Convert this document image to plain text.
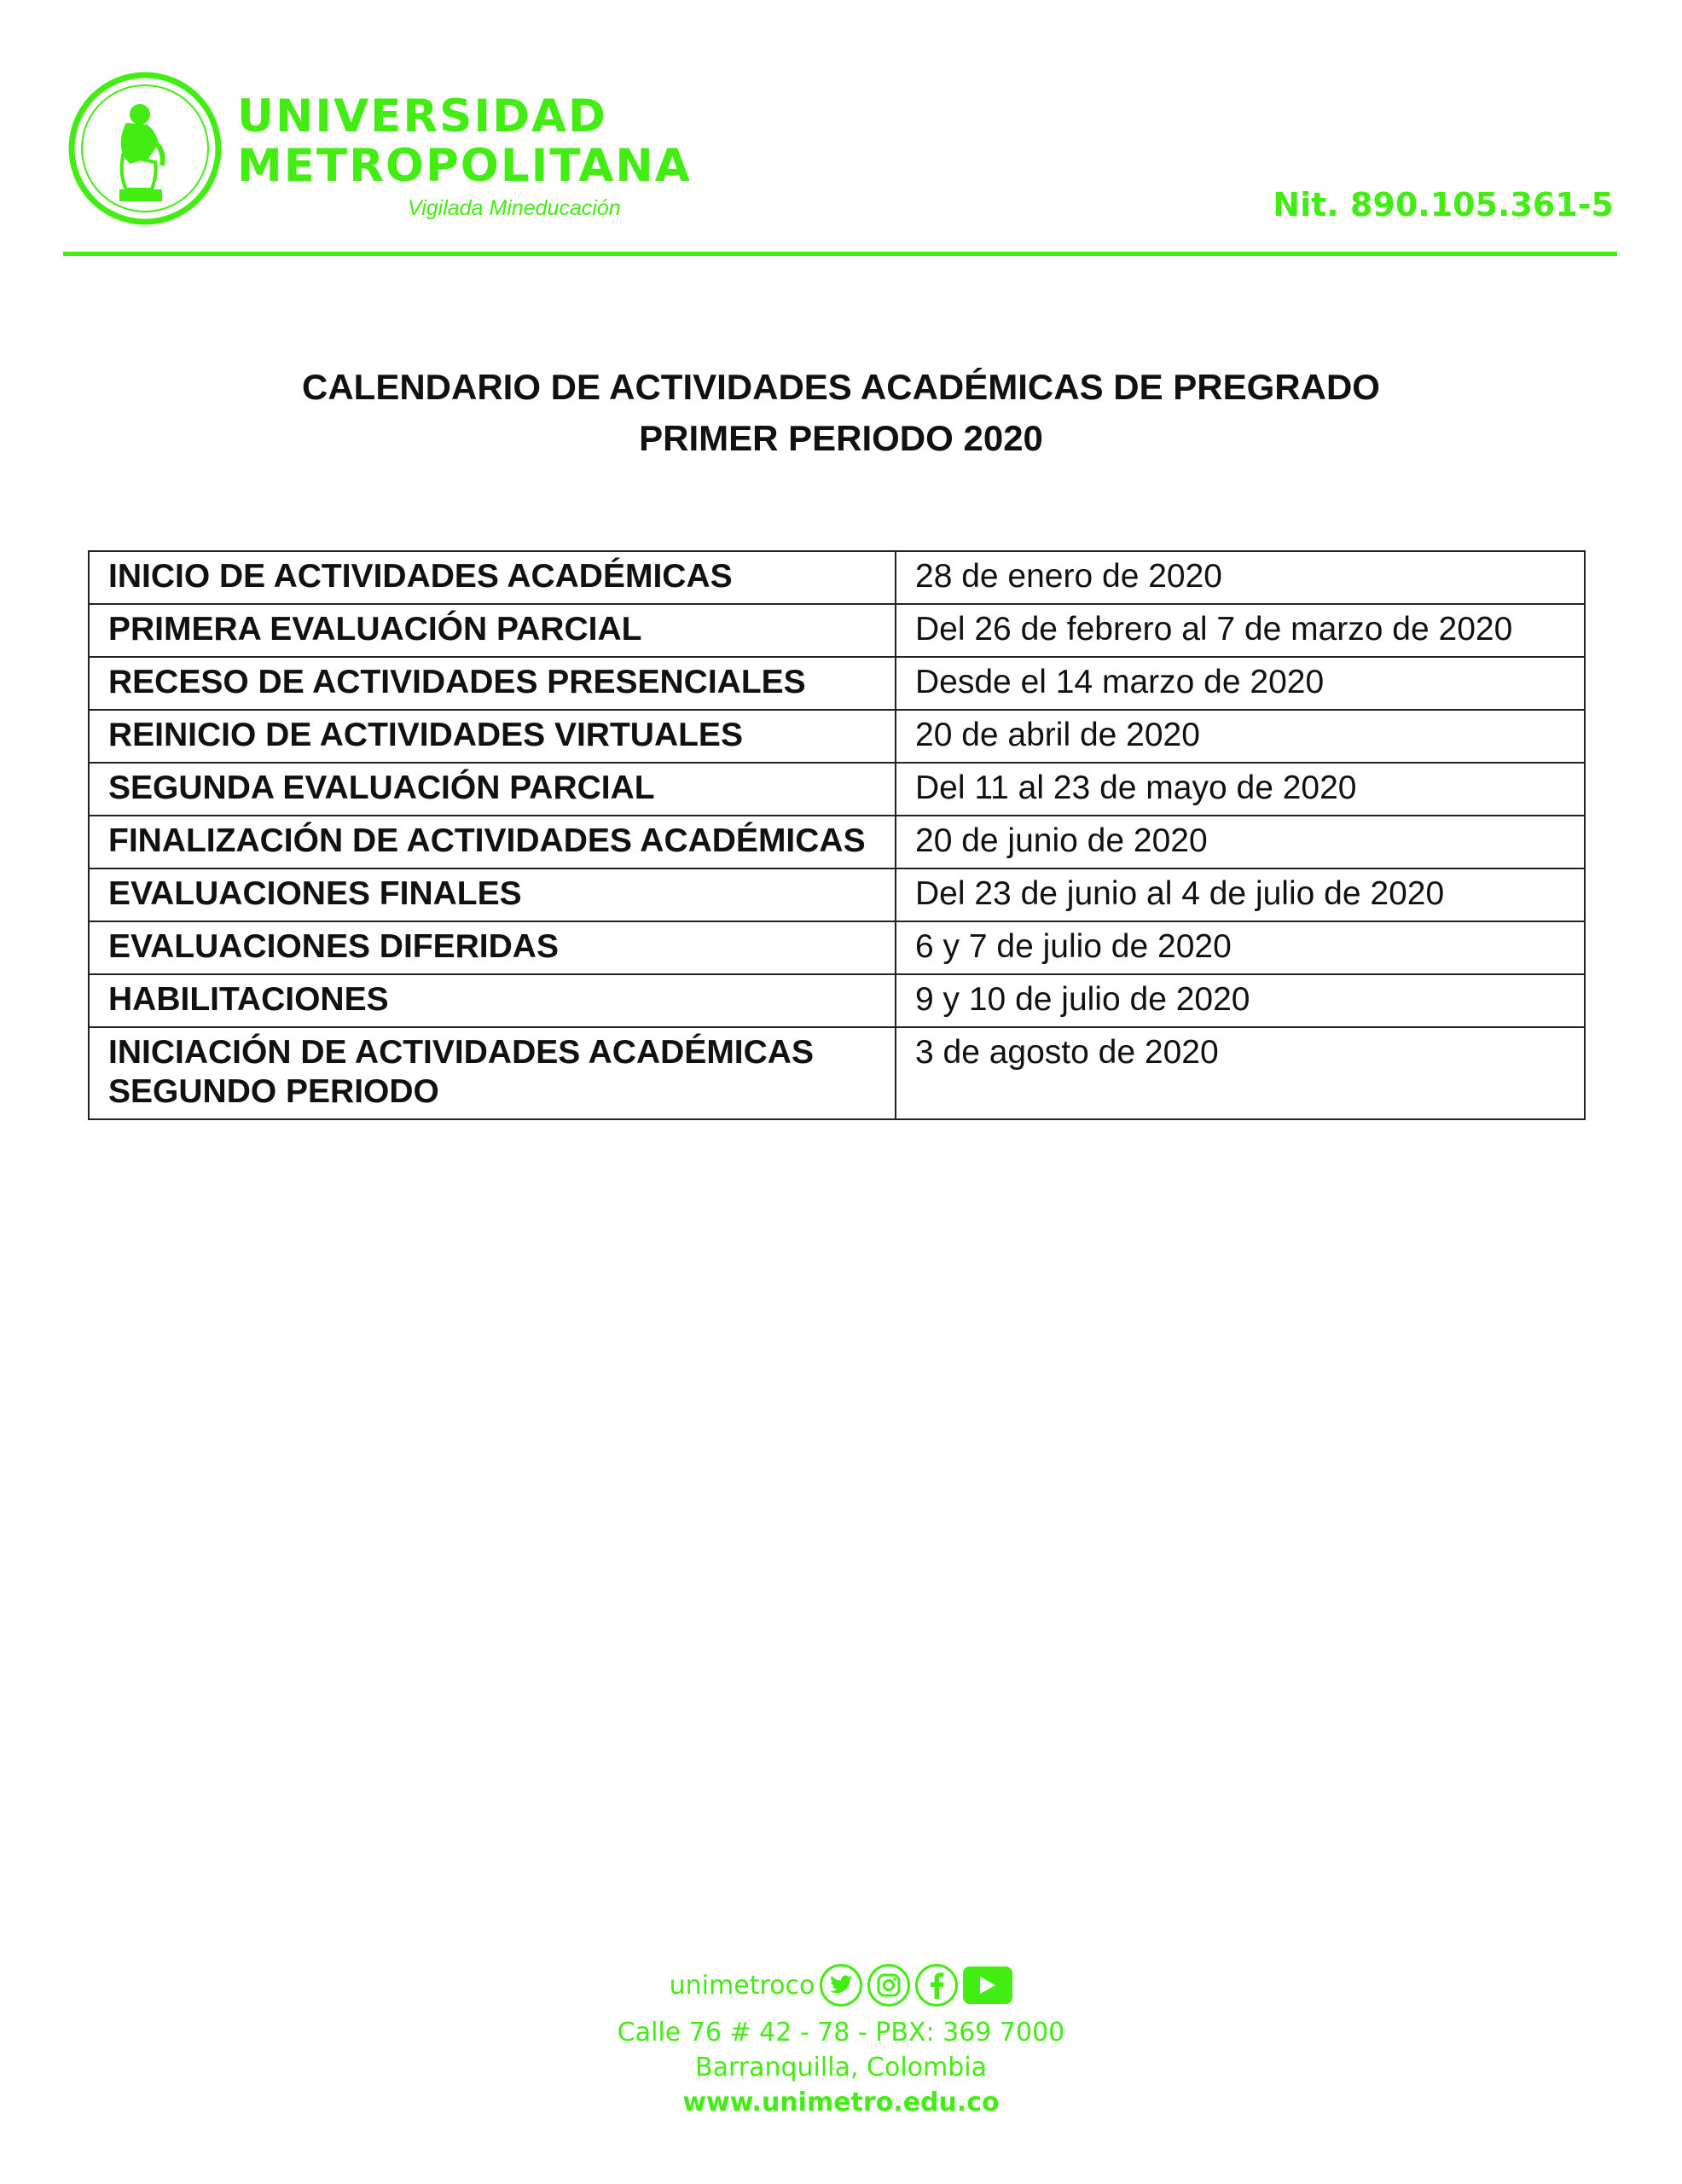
UNIVERSIDAD
METROPOLITANA
Vigilada Mineducación	Nit. 890.105.361-5
CALENDARIO DE ACTIVIDADES ACADÉMICAS DE PREGRADO
PRIMER PERIODO 2020
INICIO DE ACTIVIDADES ACADÉMICAS	28 de enero de 2020
PRIMERA EVALUACIÓN PARCIAL	Del 26 de febrero al 7 de marzo de 2020
RECESO DE ACTIVIDADES PRESENCIALES	Desde el 14 marzo de 2020
REINICIO DE ACTIVIDADES VIRTUALES	20 de abril de 2020
SEGUNDA EVALUACIÓN PARCIAL	Del 11 al 23 de mayo de 2020
FINALIZACIÓN DE ACTIVIDADES ACADÉMICAS	20 de junio de 2020
EVALUACIONES FINALES	Del 23 de junio al 4 de julio de 2020
EVALUACIONES DIFERIDAS	6 y 7 de julio de 2020
HABILITACIONES	9 y 10 de julio de 2020

INICIACIÓN DE ACTIVIDADES ACADÉMICAS
SEGUNDO PERIODO	3 de agosto de 2020
unimetroco
Calle 76 # 42 - 78 - PBX: 369 7000
Barranquilla, Colombia
www.unimetro.edu.co
